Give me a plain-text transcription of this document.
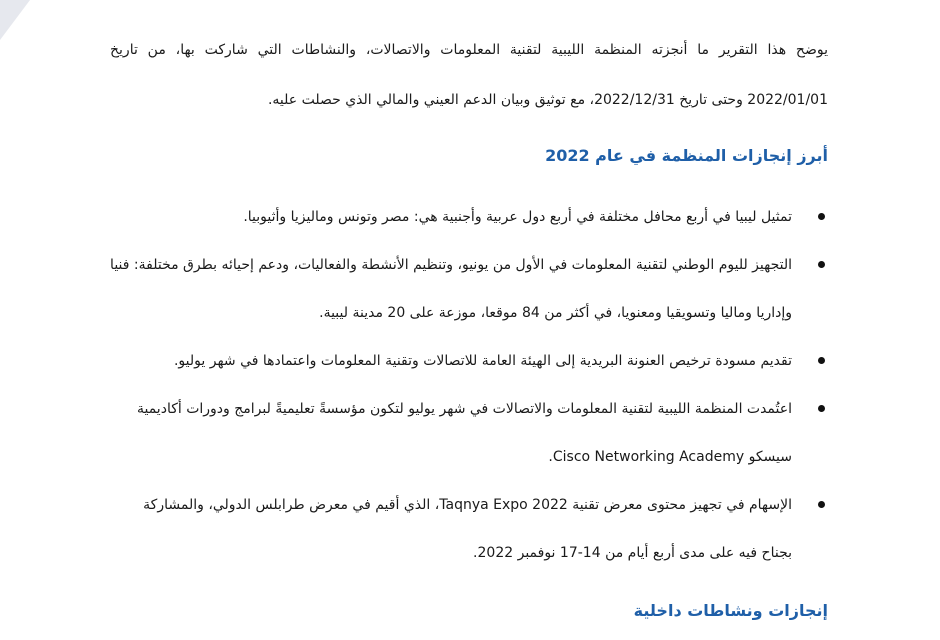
يوضح هذا التقرير ما أنجزته المنظمة الليبية لتقنية المعلومات والاتصالات، والنشاطات التي شاركت بها، من تاريخ 2022/01/01 وحتى تاريخ 2022/12/31، مع توثيق وبيان الدعم العيني والمالي الذي حصلت عليه.

أبرز إنجازات المنظمة في عام 2022
تمثيل ليبيا في أربع محافل مختلفة في أربع دول عربية وأجنبية هي: مصر وتونس وماليزيا وأثيوبيا.
التجهيز لليوم الوطني لتقنية المعلومات في الأول من يونيو، وتنظيم الأنشطة والفعاليات، ودعم إحيائه بطرق مختلفة: فنيا وإداريا وماليا وتسويقيا ومعنويا، في أكثر من 84 موقعا، موزعة على 20 مدينة ليبية.
تقديم مسودة ترخيص العنونة البريدية إلى الهيئة العامة للاتصالات وتقنية المعلومات واعتمادها في شهر يوليو.
اعتُمدت المنظمة الليبية لتقنية المعلومات والاتصالات في شهر يوليو لتكون مؤسسةً تعليميةً لبرامج ودورات أكاديمية سيسكو Cisco Networking Academy.
الإسهام في تجهيز محتوى معرض تقنية Taqnya Expo 2022، الذي أقيم في معرض طرابلس الدولي، والمشاركة بجناح فيه على مدى أربع أيام من 14-17 نوفمبر 2022.
إنجازات ونشاطات داخلية
